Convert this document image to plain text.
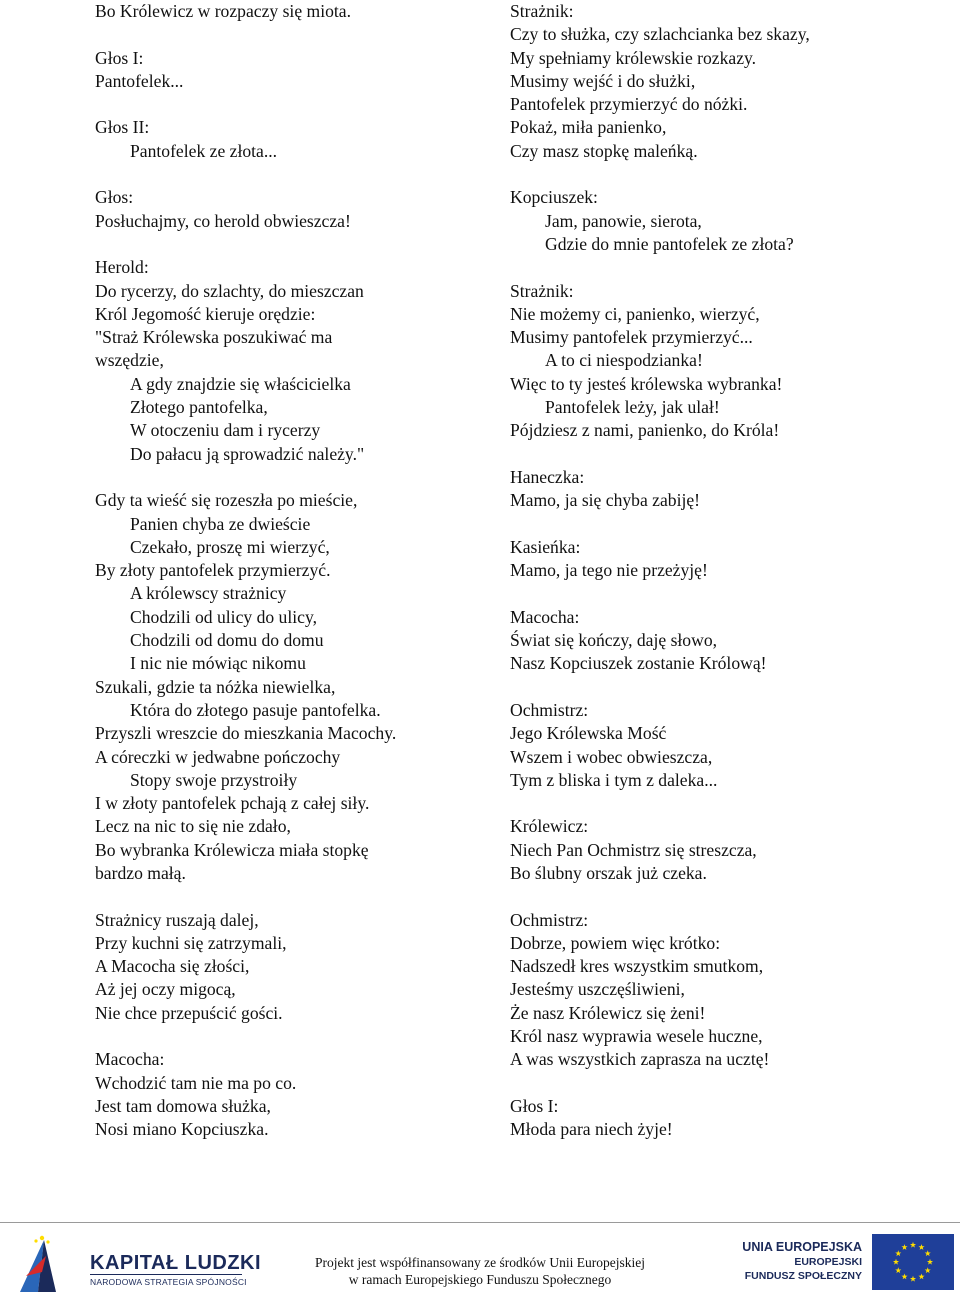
Bo Królewicz w rozpaczy się miota.
Głos I:
Pantofelek...
Głos II:
Pantofelek ze złota...
Głos:
Posłuchajmy, co herold obwieszcza!
Herold:
Do rycerzy, do szlachty, do mieszczan
Król Jegomość kieruje orędzie:
"Straż Królewska poszukiwać ma
wszędzie,
A gdy znajdzie się właścicielka
Złotego pantofelka,
W otoczeniu dam i rycerzy
Do pałacu ją sprowadzić należy."
Gdy ta wieść się rozeszła po mieście,
Panien chyba ze dwieście
Czekało, proszę mi wierzyć,
By złoty pantofelek przymierzyć.
A królewscy strażnicy
Chodzili od ulicy do ulicy,
Chodzili od domu do domu
I nic nie mówiąc nikomu
Szukali, gdzie ta nóżka niewielka,
Która do złotego pasuje pantofelka.
Przyszli wreszcie do mieszkania Macochy.
A córeczki w jedwabne pończochy
Stopy swoje przystroiły
I w złoty pantofelek pchają z całej siły.
Lecz na nic to się nie zdało,
Bo wybranka Królewicza miała stopkę
bardzo małą.
Strażnicy ruszają dalej,
Przy kuchni się zatrzymali,
A Macocha się złości,
Aż jej oczy migocą,
Nie chce przepuścić gości.
Macocha:
Wchodzić tam nie ma po co.
Jest tam domowa służka,
Nosi miano Kopciuszka.
Strażnik:
Czy to służka, czy szlachcianka bez skazy,
My spełniamy królewskie rozkazy.
Musimy wejść i do służki,
Pantofelek przymierzyć do nóżki.
Pokaż, miła panienko,
Czy masz stopkę maleńką.
Kopciuszek:
Jam, panowie, sierota,
Gdzie do mnie pantofelek ze złota?
Strażnik:
Nie możemy ci, panienko, wierzyć,
Musimy pantofelek przymierzyć...
A to ci niespodzianka!
Więc to ty jesteś królewska wybranka!
Pantofelek leży, jak ulał!
Pójdziesz z nami, panienko, do Króla!
Haneczka:
Mamo, ja się chyba zabiję!
Kasieńka:
Mamo, ja tego nie przeżyję!
Macocha:
Świat się kończy, daję słowo,
Nasz Kopciuszek zostanie Królową!
Ochmistrz:
Jego Królewska Mość
Wszem i wobec obwieszcza,
Tym z bliska i tym z daleka...
Królewicz:
Niech Pan Ochmistrz się streszcza,
Bo ślubny orszak już czeka.
Ochmistrz:
Dobrze, powiem więc krótko:
Nadszedł kres wszystkim smutkom,
Jesteśmy uszczęśliwieni,
Że nasz Królewicz się żeni!
Król nasz wyprawia wesele huczne,
A was wszystkich zaprasza na ucztę!
Głos I:
Młoda para niech żyje!
KAPITAŁ LUDZKI
NARODOWA STRATEGIA SPÓJNOŚCI
Projekt jest współfinansowany ze środków Unii Europejskiej
w ramach Europejskiego Funduszu Społecznego
UNIA EUROPEJSKA
EUROPEJSKI
FUNDUSZ SPOŁECZNY
